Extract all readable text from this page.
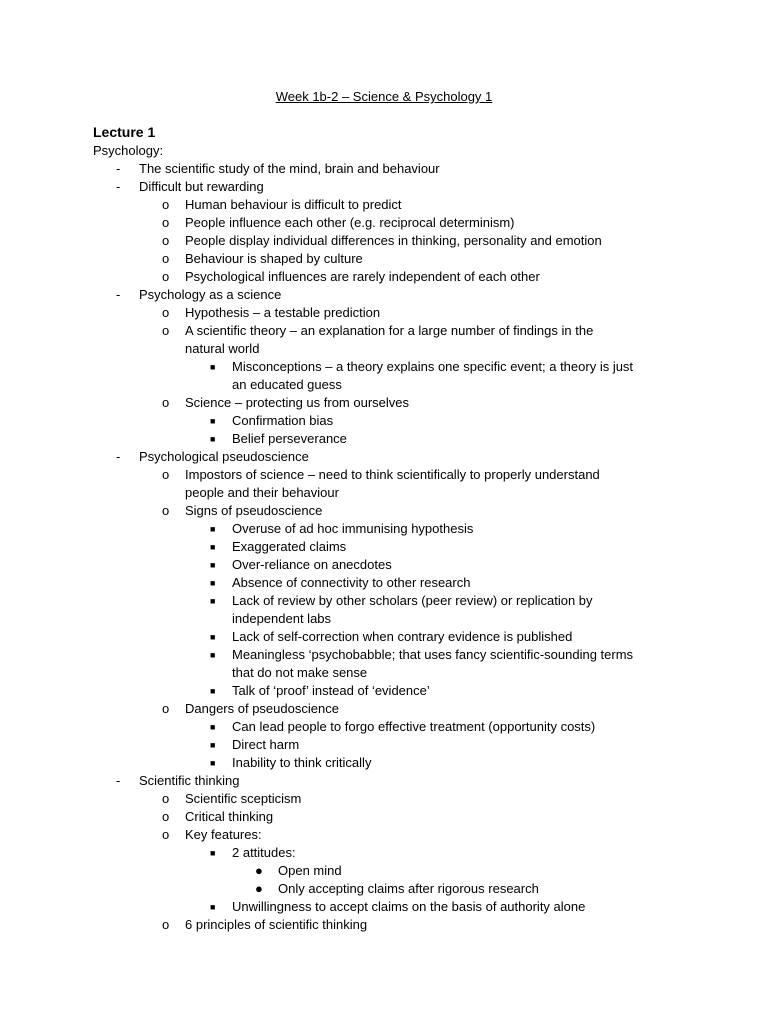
Week 1b-2 – Science & Psychology 1
Lecture 1
Psychology:
- The scientific study of the mind, brain and behaviour
- Difficult but rewarding
o Human behaviour is difficult to predict
o People influence each other (e.g. reciprocal determinism)
o People display individual differences in thinking, personality and emotion
o Behaviour is shaped by culture
o Psychological influences are rarely independent of each other
- Psychology as a science
o Hypothesis – a testable prediction
o A scientific theory – an explanation for a large number of findings in the
natural world
■ Misconceptions – a theory explains one specific event; a theory is just
an educated guess
o Science – protecting us from ourselves
■ Confirmation bias
■ Belief perseverance
- Psychological pseudoscience
o Impostors of science – need to think scientifically to properly understand
people and their behaviour
o Signs of pseudoscience
■ Overuse of ad hoc immunising hypothesis
■ Exaggerated claims
■ Over-reliance on anecdotes
■ Absence of connectivity to other research
■ Lack of review by other scholars (peer review) or replication by
independent labs
■ Lack of self-correction when contrary evidence is published
■ Meaningless ‘psychobabble; that uses fancy scientific-sounding terms
that do not make sense
■ Talk of ‘proof’ instead of ‘evidence’
o Dangers of pseudoscience
■ Can lead people to forgo effective treatment (opportunity costs)
■ Direct harm
■ Inability to think critically
- Scientific thinking
o Scientific scepticism
o Critical thinking
o Key features:
■ 2 attitudes:
● Open mind
● Only accepting claims after rigorous research
■ Unwillingness to accept claims on the basis of authority alone
o 6 principles of scientific thinking
